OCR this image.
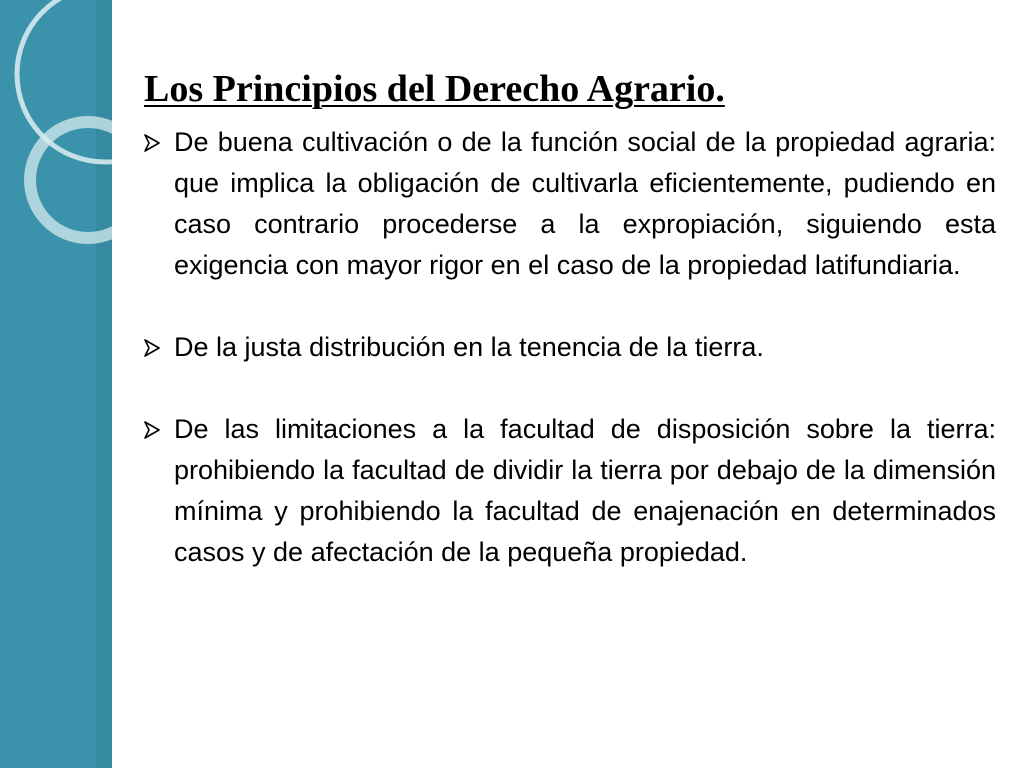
Los Principios del Derecho Agrario.
De buena cultivación o de la función social de la propiedad agraria: que implica la obligación de cultivarla eficientemente, pudiendo en caso contrario procederse a la expropiación, siguiendo esta exigencia con mayor rigor en el caso de la propiedad latifundiaria.
De la justa distribución en la tenencia de la tierra.
De las limitaciones a la facultad de disposición sobre la tierra: prohibiendo la facultad de dividir la tierra por debajo de la dimensión mínima y prohibiendo la facultad de enajenación en determinados casos y de afectación de la pequeña propiedad.
